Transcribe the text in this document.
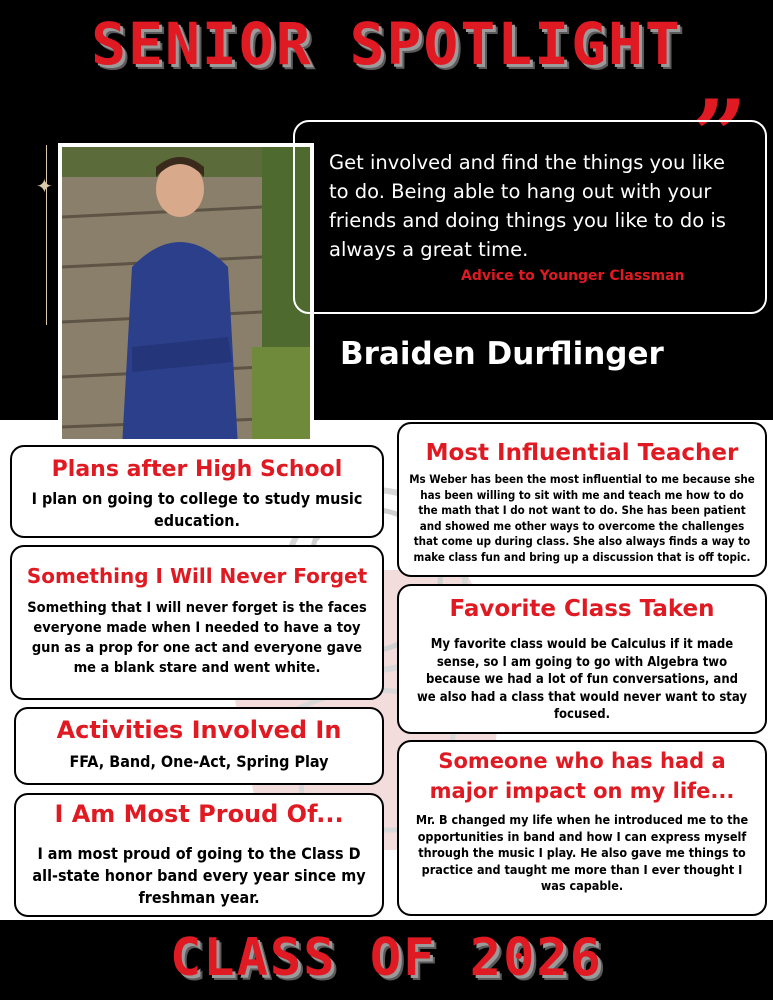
SENIOR SPOTLIGHT
✦	”
Get involved and find the things you like to do. Being able to hang out with your friends and doing things you like to do is always a great time.
Advice to Younger Classman
Braiden Durflinger
Plans after High School
I plan on going to college to study music education.
Something I Will Never Forget
Something that I will never forget is the faces everyone made when I needed to have a toy gun as a prop for one act and everyone gave me a blank stare and went white.
Activities Involved In
FFA, Band, One-Act, Spring Play
I Am Most Proud Of...
I am most proud of going to the Class D all-state honor band every year since my freshman year.
Most Influential Teacher
Ms Weber has been the most influential to me because she has been willing to sit with me and teach me how to do the math that I do not want to do. She has been patient and showed me other ways to overcome the challenges that come up during class. She also always finds a way to make class fun and bring up a discussion that is off topic.
Favorite Class Taken
My favorite class would be Calculus if it made sense, so I am going to go with Algebra two because we had a lot of fun conversations, and we also had a class that would never want to stay focused.
Someone who has had a major impact on my life...
Mr. B changed my life when he introduced me to the opportunities in band and how I can express myself through the music I play. He also gave me things to practice and taught me more than I ever thought I was capable.
CLASS OF 2026
